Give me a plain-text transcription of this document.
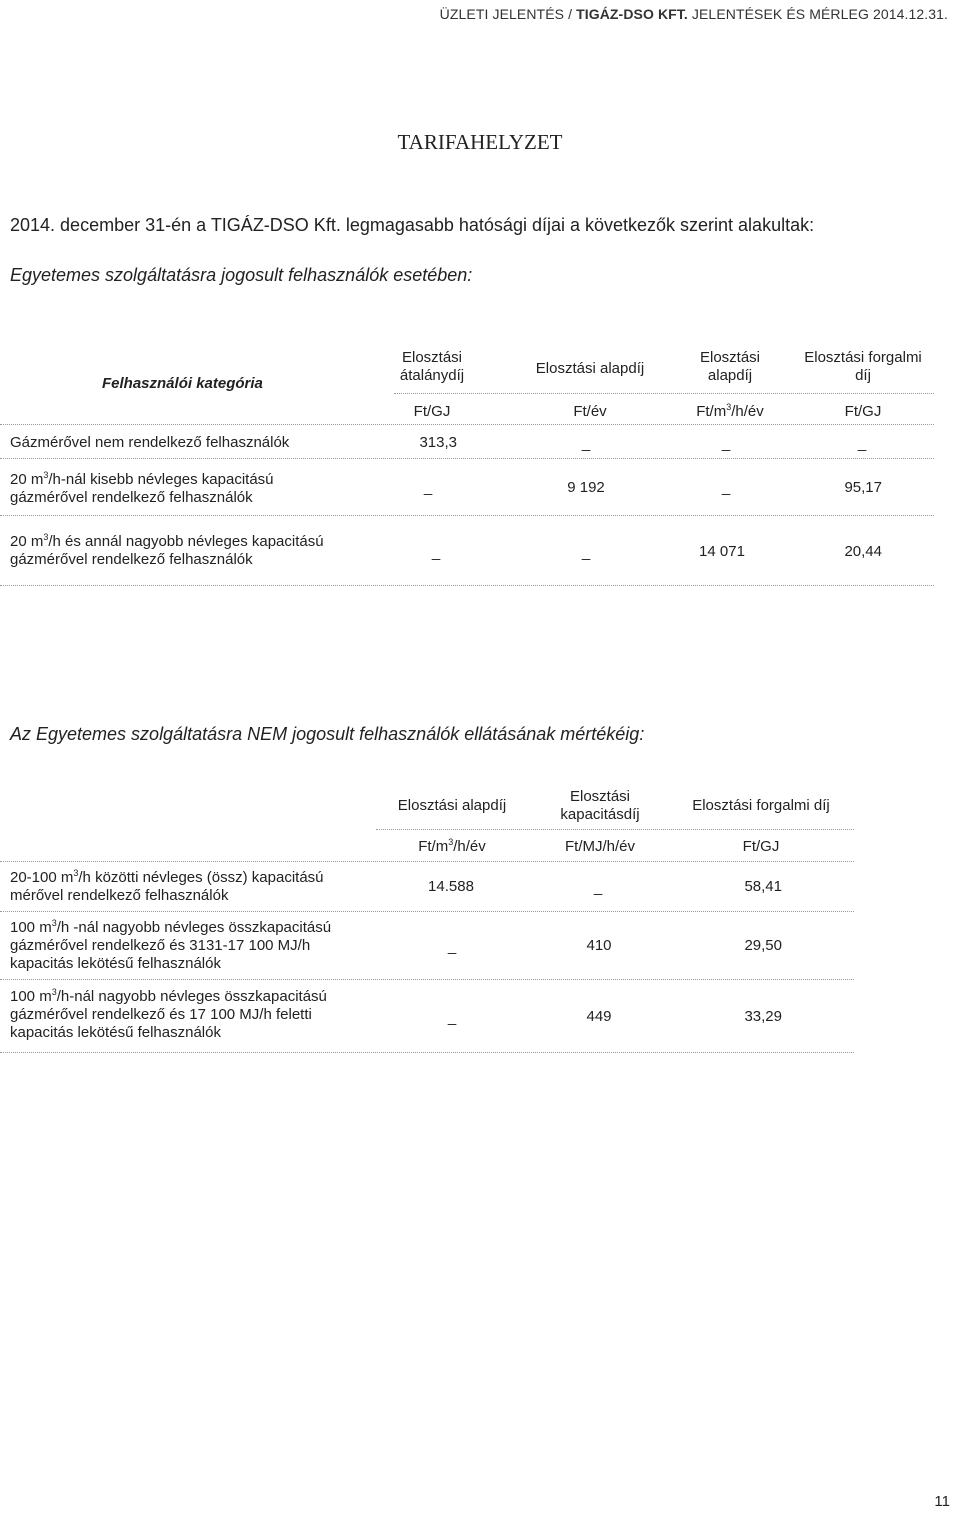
ÜZLETI JELENTÉS / TIGÁZ-DSO KFT. JELENTÉSEK ÉS MÉRLEG 2014.12.31.
TARIFAHELYZET
2014. december 31-én a TIGÁZ-DSO Kft. legmagasabb hatósági díjai a következők szerint alakultak:
Egyetemes szolgáltatásra jogosult felhasználók esetében:
Felhasználói kategória
Elosztási
átalánydíj	Elosztási alapdíj
Elosztási
alapdíj
Elosztási forgalmi
díj
Ft/GJ	Ft/év	$Ft/m^3/h/év$	Ft/GJ
Gázmérővel nem rendelkező felhasználók	313,3	_	_	_
20 $m^3/h$-nál kisebb névleges kapacitású
gázmérővel rendelkező felhasználók
_	9 192	_	95,17
20 $m^3/h$ és annál nagyobb névleges kapacitású
gázmérővel rendelkező felhasználók	_	_	14 071	20,44
Az Egyetemes szolgáltatásra NEM jogosult felhasználók ellátásának mértékéig:
Elosztási alapdíj
Elosztási
kapacitásdíj
Elosztási forgalmi díj
$Ft/m^3/h/év$	Ft/MJ/h/év	Ft/GJ
20-100 $m^3/h$ közötti névleges (össz) kapacitású
mérővel rendelkező felhasználók
14.588	_	58,41
100 $m^3/h$ -nál nagyobb névleges összkapacitású
gázmérővel rendelkező és 3131-17 100 MJ/h
kapacitás lekötésű felhasználók
_	410	29,50
100 $m^3/h$-nál nagyobb névleges összkapacitású
gázmérővel rendelkező és 17 100 MJ/h feletti
kapacitás lekötésű felhasználók
_	449	33,29
11
